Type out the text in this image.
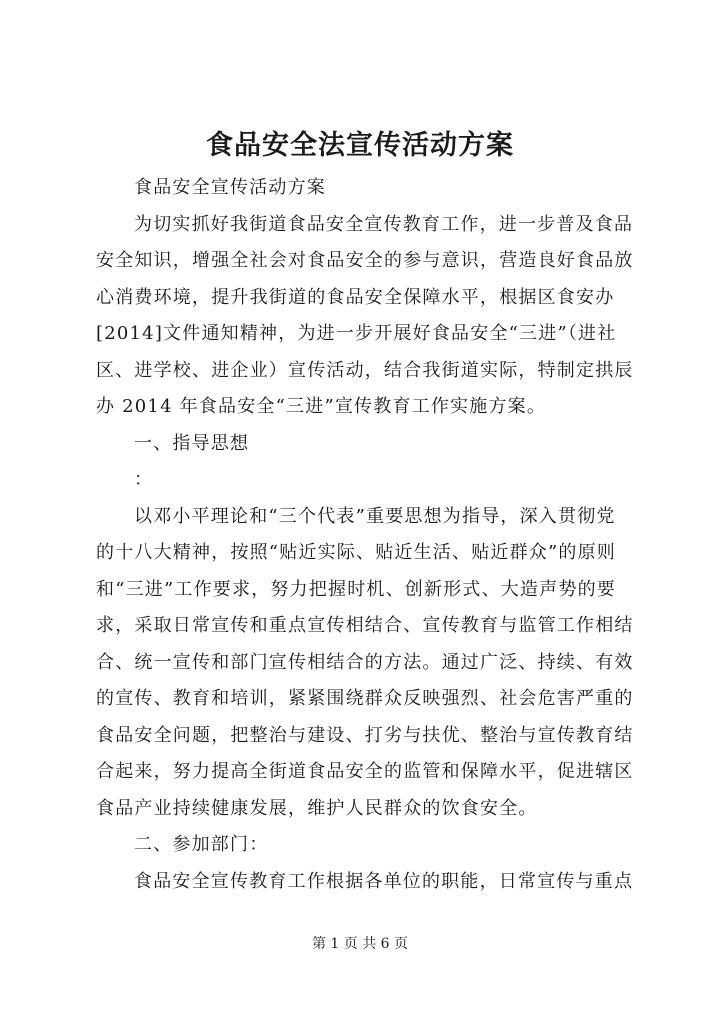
食品安全法宣传活动方案
食品安全宣传活动方案
为切实抓好我街道食品安全宣传教育工作，进一步普及食品
安全知识，增强全社会对食品安全的参与意识，营造良好食品放
心消费环境，提升我街道的食品安全保障水平，根据区食安办
[2014]文件通知精神，为进一步开展好食品安全“三进”（进社
区、进学校、进企业）宣传活动，结合我街道实际，特制定拱辰
办 2014 年食品安全“三进”宣传教育工作实施方案。
一、指导思想
：
以邓小平理论和“三个代表”重要思想为指导，深入贯彻党
的十八大精神，按照“贴近实际、贴近生活、贴近群众”的原则
和“三进”工作要求，努力把握时机、创新形式、大造声势的要
求，采取日常宣传和重点宣传相结合、宣传教育与监管工作相结
合、统一宣传和部门宣传相结合的方法。通过广泛、持续、有效
的宣传、教育和培训，紧紧围绕群众反映强烈、社会危害严重的
食品安全问题，把整治与建设、打劣与扶优、整治与宣传教育结
合起来，努力提高全街道食品安全的监管和保障水平，促进辖区
食品产业持续健康发展，维护人民群众的饮食安全。
二、参加部门：
食品安全宣传教育工作根据各单位的职能，日常宣传与重点
第 1 页 共 6 页
